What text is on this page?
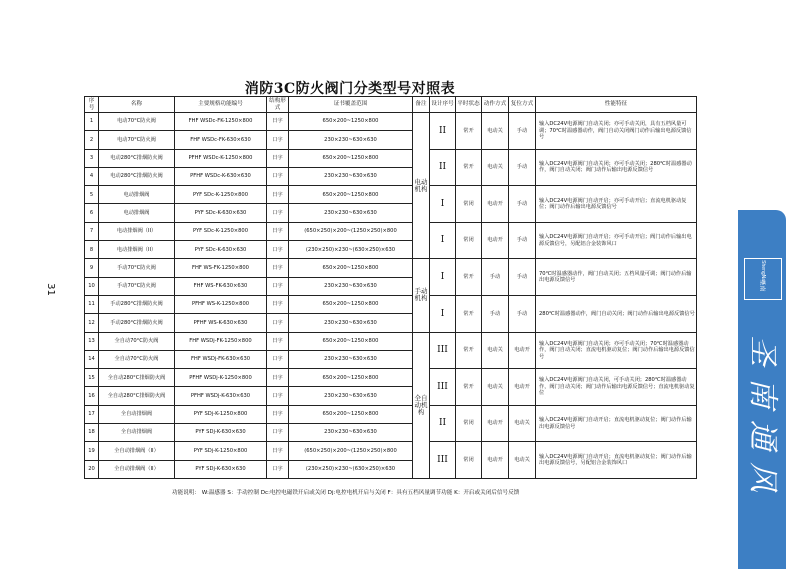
31
消防3C防火阀门分类型号对照表
序号	名称	主要规格功能编号	结构形式	证书覆盖范围	备注	设计序号	平时状态	动作方式	复位方式	性能特征
1	电动70°C防火阀	FHF WSDc-FK-1250×800	日字	650×200~1250×800	电动机构	II	常开	电动关	手动	输入DC24V电源阀门自动关闭；亦可手动关闭，具有五档风量可调；70℃时温感器动作，阀门自动关闭阀门动作后输出电源反馈信号
2	电动70°C防火阀	FHF WSDc-FK-630×630	口字	230×230~630×630						
3	电动280°C排烟防火阀	PFHF WSDc-K-1250×800	日字	650×200~1250×800		II	常开	电动关	手动	输入DC24V电源阀门自动关闭；亦可手动关闭；280℃时温感器动作，阀门自动关闭；阀门动作后输出电源反馈信号
4	电动280°C排烟防火阀	PFHF WSDc-K-630×630	口字	230×230~630×630						
5	电动排烟阀	PYF SDc-K-1250×800	日字	650×200~1250×800		I	常闭	电动开	手动	输入DC24V电源阀门自动开启；亦可手动开启；直流电机驱动复位；阀门动作后输出电源反馈信号
6	电动排烟阀	PYF SDc-K-630×630	口字	230×230~630×630						
7	电动排烟阀（II）	PYF SDc-K-1250×800	日字	(650×250)×200~(1250×250)×800		I	常闭	电动开	手动	输入DC24V电源阀门自动开启；亦可手动开启；阀门动作后输出电源反馈信号，另配铝合金装饰风口
8	电动排烟阀（II）	PYF SDc-K-630×630	口字	(230×250)×230~(630×250)×630						
9	手动70°C防火阀	FHF WS-FK-1250×800	日字	650×200~1250×800	手动机构	I	常开	手动	手动	70℃时温感器动作，阀门自动关闭；五档风量可调；阀门动作后输出电源反馈信号
10	手动70°C防火阀	FHF WS-FK-630×630	口字	230×230~630×630						
11	手动280°C排烟防火阀	PFHF WS-K-1250×800	日字	650×200~1250×800		I	常开	手动	手动	280℃时温感器动作，阀门自动关闭；阀门动作后输出电源反馈信号
12	手动280°C排烟防火阀	PFHF WS-K-630×630	口字	230×230~630×630						
13	全自动70°C防火阀	FHF WSDj-FK-1250×800	日字	650×200~1250×800	全自动机构	III	常开	电动关	电动开	输入DC24V电源阀门自动关闭；亦可手动关闭；70℃时温感器动作，阀门自动关闭；直流电机驱动复位；阀门动作后输出电源反馈信号
14	全自动70°C防火阀	FHF WSDj-FK-630×630	口字	230×230~630×630						
15	全自动280°C排烟防火阀	PFHF WSDj-K-1250×800	日字	650×200~1250×800		III	常开	电动关	电动开	输入DC24V电源阀门自动关闭，可手动关闭；280℃时温感器动作，阀门自动关闭；阀门动作后输出电源反馈信号；直流电机驱动复位
16	全自动280°C排烟防火阀	PFHF WSDj-K-630×630	口字	230×230~630×630						
17	全自动排烟阀	PYF SDj-K-1250×800	日字	650×200~1250×800		II	常闭	电动开	电动关	输入DC24V电源阀门自动开启；直流电机驱动复位；阀门动作后输出电源反馈信号
18	全自动排烟阀	PYF SDj-K-630×630	口字	230×230~630×630						
19	全自动排烟阀（II）	PYF SDj-K-1250×800	日字	(650×250)×200~(1250×250)×800		III	常闭	电动开	电动关	输入DC24V电源阀门自动开启；直流电机驱动复位；阀门动作后输出电源反馈信号，另配铝合金装饰风口
20	全自动排烟阀（II）	PYF SDj-K-630×630	口字	(230×250)×230~(630×250)×630						
功能说明： W:温感器 S：手动控制 Dc:电控电磁铁开启或关闭 Dj:电控电机开启与关闭 F：具有五档风量调节功能 K：开启或关闭后信号反馈
ShengNan
圣南
圣
南
通
风
